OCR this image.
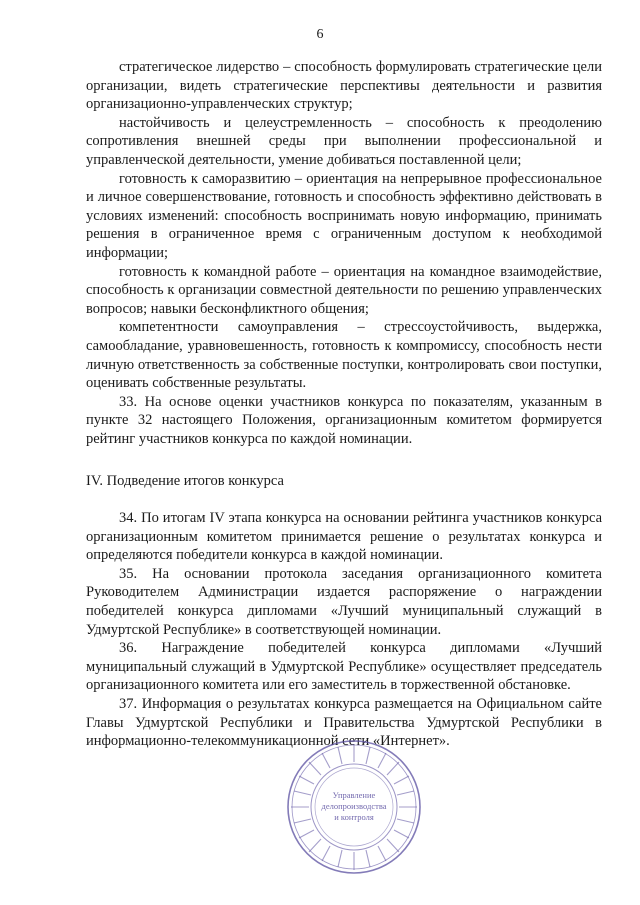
6

стратегическое лидерство – способность формулировать стратегические цели организации, видеть стратегические перспективы деятельности и развития организационно-управленческих структур;

настойчивость и целеустремленность – способность к преодолению сопротивления внешней среды при выполнении профессиональной и управленческой деятельности, умение добиваться поставленной цели;

готовность к саморазвитию – ориентация на непрерывное профессиональное и личное совершенствование, готовность и способность эффективно действовать в условиях изменений: способность воспринимать новую информацию, принимать решения в ограниченное время с ограниченным доступом к необходимой информации;

готовность к командной работе – ориентация на командное взаимодействие, способность к организации совместной деятельности по решению управленческих вопросов; навыки бесконфликтного общения;

компетентности самоуправления – стрессоустойчивость, выдержка, самообладание, уравновешенность, готовность к компромиссу, способность нести личную ответственность за собственные поступки, контролировать свои поступки, оценивать собственные результаты.

33. На основе оценки участников конкурса по показателям, указанным в пункте 32 настоящего Положения, организационным комитетом формируется рейтинг участников конкурса по каждой номинации.

IV. Подведение итогов конкурса

34. По итогам IV этапа конкурса на основании рейтинга участников конкурса организационным комитетом принимается решение о результатах конкурса и определяются победители конкурса в каждой номинации.

35. На основании протокола заседания организационного комитета Руководителем Администрации издается распоряжение о награждении победителей конкурса дипломами «Лучший муниципальный служащий в Удмуртской Республике» в соответствующей номинации.

36. Награждение победителей конкурса дипломами «Лучший муниципальный служащий в Удмуртской Республике» осуществляет председатель организационного комитета или его заместитель в торжественной обстановке.

37. Информация о результатах конкурса размещается на Официальном сайте Главы Удмуртской Республики и Правительства Удмуртской Республики в информационно-телекоммуникационной сети «Интернет».

Управление
делопроизводства
и контроля
